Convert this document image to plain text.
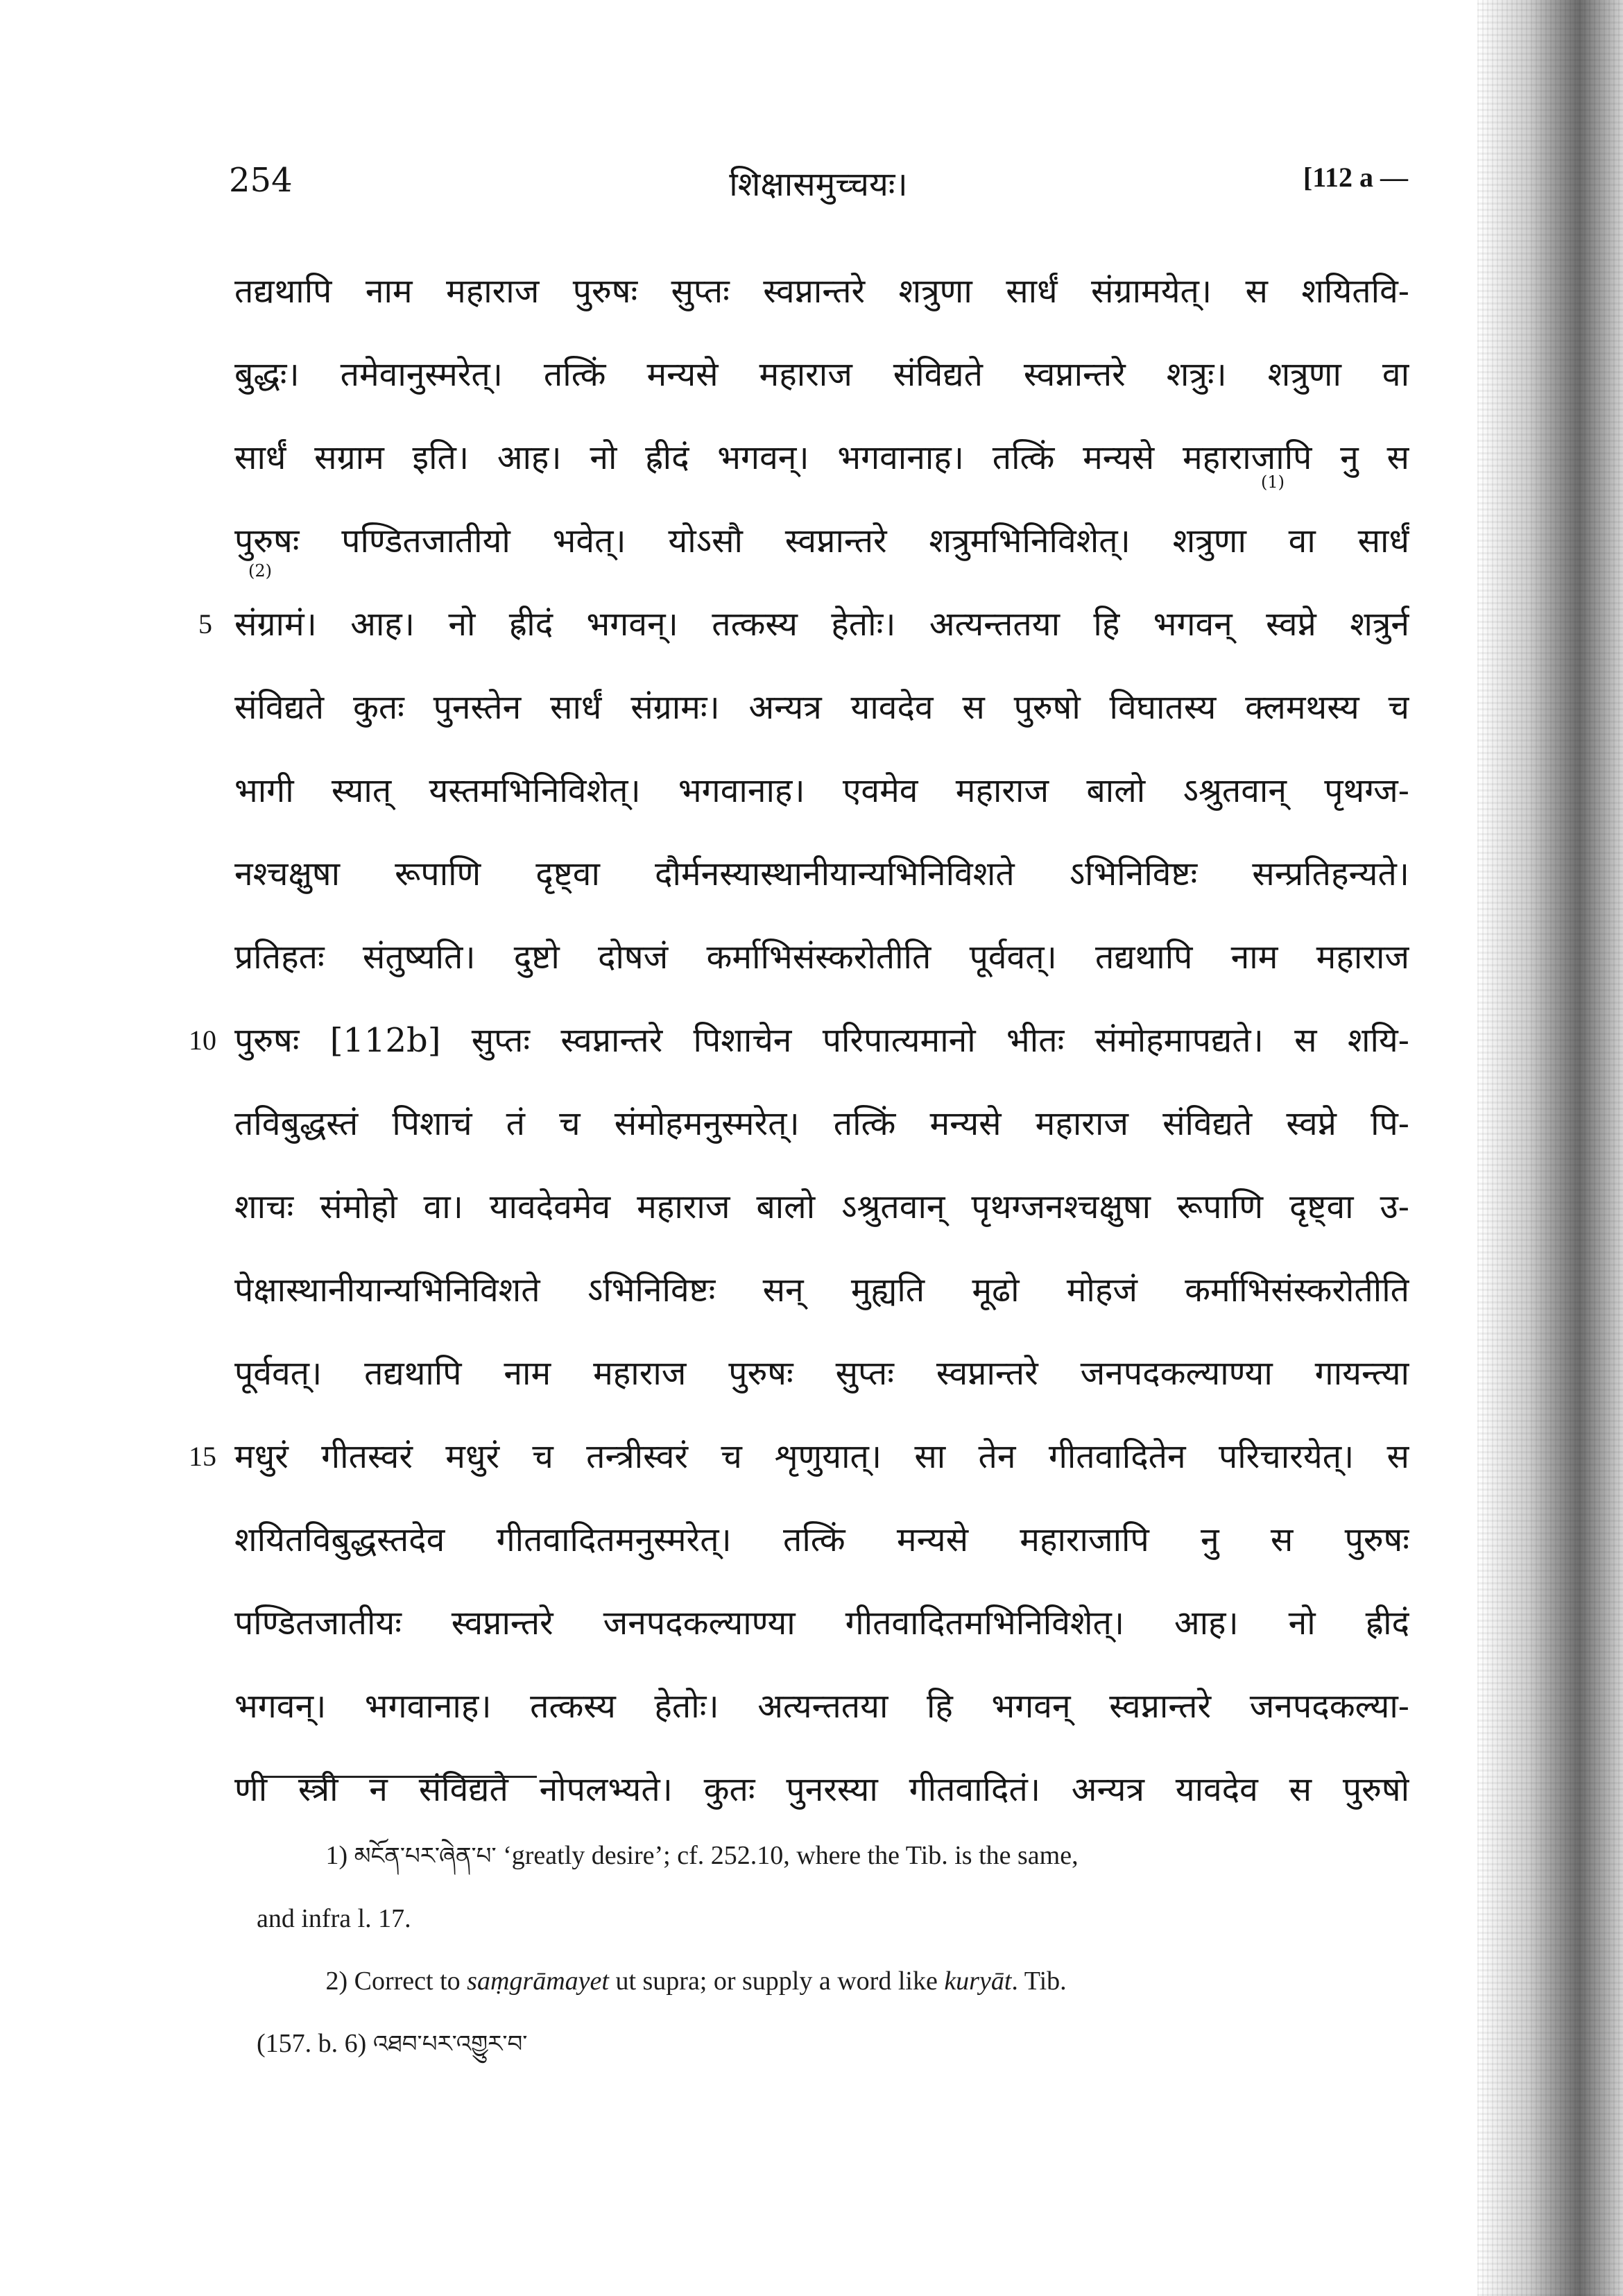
254	शिक्षासमुच्चयः।	[112 a —
तद्यथापि नाम महाराज पुरुषः सुप्तः स्वप्नान्तरे शत्रुणा सार्धं संग्रामयेत्। स शयितवि-
बुद्धः। तमेवानुस्मरेत्। तत्किं मन्यसे महाराज संविद्यते स्वप्नान्तरे शत्रुः। शत्रुणा वा
सार्धं सग्राम इति। आह। नो ह्रीदं भगवन्। भगवानाह। तत्किं मन्यसे महाराजापि नु स
पुरुषः पण्डितजातीयो भवेत्। योऽसौ स्वप्नान्तरे शत्रुमभिनिविशेत्। शत्रुणा वा सार्धं
संग्रामं। आह। नो ह्रीदं भगवन्। तत्कस्य हेतोः। अत्यन्ततया हि भगवन् स्वप्ने शत्रुर्न
संविद्यते कुतः पुनस्तेन सार्धं संग्रामः। अन्यत्र यावदेव स पुरुषो विघातस्य क्लमथस्य च
भागी स्यात् यस्तमभिनिविशेत्। भगवानाह। एवमेव महाराज बालो ऽश्रुतवान् पृथग्ज-
नश्चक्षुषा रूपाणि दृष्ट्वा दौर्मनस्यास्थानीयान्यभिनिविशते ऽभिनिविष्टः सन्प्रतिहन्यते।
प्रतिहतः संतुष्यति। दुष्टो दोषजं कर्माभिसंस्करोतीति पूर्ववत्। तद्यथापि नाम महाराज
पुरुषः [112b] सुप्तः स्वप्नान्तरे पिशाचेन परिपात्यमानो भीतः संमोहमापद्यते। स शयि-
तविबुद्धस्तं पिशाचं तं च संमोहमनुस्मरेत्। तत्किं मन्यसे महाराज संविद्यते स्वप्ने पि-
शाचः संमोहो वा। यावदेवमेव महाराज बालो ऽश्रुतवान् पृथग्जनश्चक्षुषा रूपाणि दृष्ट्वा उ-
पेक्षास्थानीयान्यभिनिविशते ऽभिनिविष्टः सन् मुह्यति मूढो मोहजं कर्माभिसंस्करोतीति
पूर्ववत्। तद्यथापि नाम महाराज पुरुषः सुप्तः स्वप्नान्तरे जनपदकल्याण्या गायन्त्या
मधुरं गीतस्वरं मधुरं च तन्त्रीस्वरं च शृणुयात्। सा तेन गीतवादितेन परिचारयेत्। स
शयितविबुद्धस्तदेव गीतवादितमनुस्मरेत्। तत्किं मन्यसे महाराजापि नु स पुरुषः
पण्डितजातीयः स्वप्नान्तरे जनपदकल्याण्या गीतवादितमभिनिविशेत्। आह। नो ह्रीदं
भगवन्। भगवानाह। तत्कस्य हेतोः। अत्यन्ततया हि भगवन् स्वप्नान्तरे जनपदकल्या-
णी स्त्री न संविद्यते नोपलभ्यते। कुतः पुनरस्या गीतवादितं। अन्यत्र यावदेव स पुरुषो
5
10
15
(1)
(2)
1) མངོན་པར་ཞེན་པ་ ‘greatly desire’; cf. 252.10, where the Tib. is the same,
and infra l. 17.
2) Correct to saṃgrāmayet ut supra; or supply a word like kuryāt. Tib.
(157. b. 6) འཐབ་པར་འགྱུར་བ་
